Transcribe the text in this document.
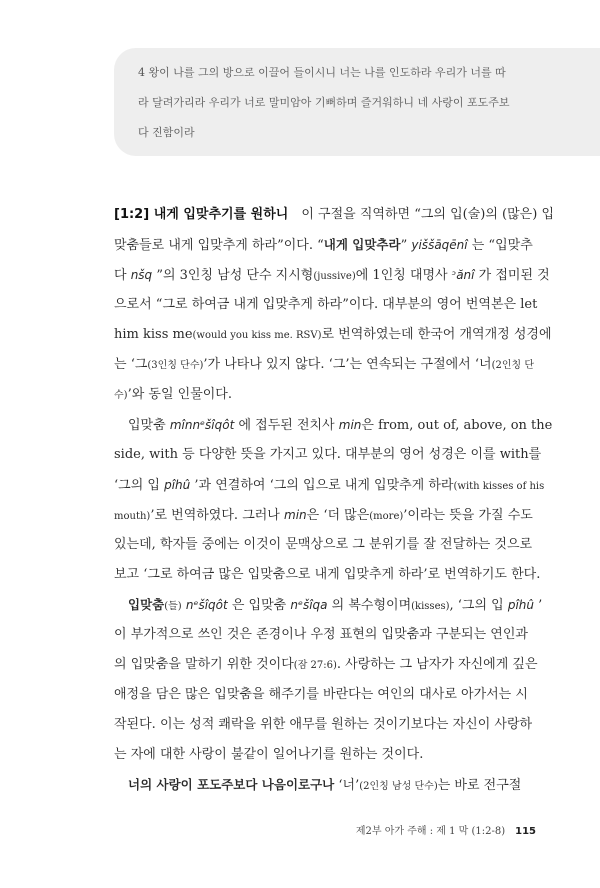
4 왕이 나를 그의 방으로 이끌어 들이시니 너는 나를 인도하라 우리가 너를 따
라 달려가리라 우리가 너로 말미암아 기뻐하며 즐거워하니 네 사랑이 포도주보
다 진함이라
[1:2] 내게 입맞추기를 원하니　이 구절을 직역하면 “그의 입(술)의 (많은) 입
맞춤들로 내게 입맞추게 하라”이다. “내게 입맞추라” yiššāqēnî 는 “입맞추
다 nšq ”의 3인칭 남성 단수 지시형(jussive)에 1인칭 대명사 ᵓănî 가 접미된 것
으로서 “그로 하여금 내게 입맞추게 하라”이다. 대부분의 영어 번역본은 let
him kiss me(would you kiss me. RSV)로 번역하였는데 한국어 개역개정 성경에
는 ‘그(3인칭 단수)’가 나타나 있지 않다. ‘그’는 연속되는 구절에서 ‘너(2인칭 단
수)’와 동일 인물이다.
입맞춤 mînnᵉšîqôt 에 접두된 전치사 min은 from, out of, above, on the
side, with 등 다양한 뜻을 가지고 있다. 대부분의 영어 성경은 이를 with를
‘그의 입 pîhû ’과 연결하여 ‘그의 입으로 내게 입맞추게 하라(with kisses of his
mouth)’로 번역하였다. 그러나 min은 ‘더 많은(more)’이라는 뜻을 가질 수도
있는데, 학자들 중에는 이것이 문맥상으로 그 분위기를 잘 전달하는 것으로
보고 ‘그로 하여금 많은 입맞춤으로 내게 입맞추게 하라’로 번역하기도 한다.
입맞춤(들) nᵉšîqôt 은 입맞춤 nᵉšîqa 의 복수형이며(kisses), ‘그의 입 pîhû ’
이 부가적으로 쓰인 것은 존경이나 우정 표현의 입맞춤과 구분되는 연인과
의 입맞춤을 말하기 위한 것이다(잠 27:6). 사랑하는 그 남자가 자신에게 깊은
애정을 담은 많은 입맞춤을 해주기를 바란다는 여인의 대사로 아가서는 시
작된다. 이는 성적 쾌락을 위한 애무를 원하는 것이기보다는 자신이 사랑하
는 자에 대한 사랑이 불같이 일어나기를 원하는 것이다.
너의 사랑이 포도주보다 나음이로구나 ‘너’(2인칭 남성 단수)는 바로 전구절
제2부 아가 주해 : 제 1 막 (1:2-8) 115
